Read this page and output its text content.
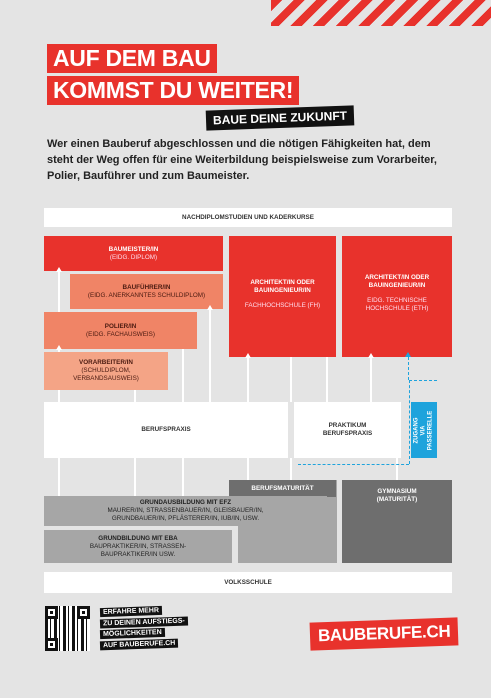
AUF DEM BAU
KOMMST DU WEITER!
BAUE DEINE ZUKUNFT
Wer einen Bauberuf abgeschlossen und die nötigen Fähigkeiten hat, dem steht der Weg offen für eine Weiterbildung beispielsweise zum Vorarbeiter, Polier, Bauführer und zum Baumeister.
NACHDIPLOMSTUDIEN UND KADERKURSE
BAUMEISTER/IN
(EIDG. DIPLOM)
BAUFÜHRER/IN
(EIDG. ANERKANNTES SCHULDIPLOM)
POLIER/IN
(EIDG. FACHAUSWEIS)
VORARBEITER/IN
(SCHULDIPLOM,
VERBANDSAUSWEIS)
ARCHITEKT/IN ODER
BAUINGENIEUR/IN
FACHHOCHSCHULE (FH)
ARCHITEKT/IN ODER
BAUINGENIEUR/IN
EIDG. TECHNISCHE
HOCHSCHULE (ETH)
BERUFSPRAXIS
PRAKTIKUM
BERUFSPRAXIS	ZUGANG VIA PASSERELLE
BERUFSMATURITÄT	GYMNASIUM
(MATURITÄT)
GRUNDAUSBILDUNG MIT EFZ
MAURER/IN, STRASSENBAUER/IN, GLEISBAUER/IN,
GRUNDBAUER/IN, PFLÄSTERER/IN, IUB/IN, USW.
GRUNDBILDUNG MIT EBA
BAUPRAKTIKER/IN, STRASSEN-
BAUPRAKTIKER/IN USW.
VOLKSSCHULE
ERFAHRE MEHR
ZU DEINEN AUFSTIEGS-
MÖGLICHKEITEN
AUF BAUBERUFE.CH	BAUBERUFE.CH
